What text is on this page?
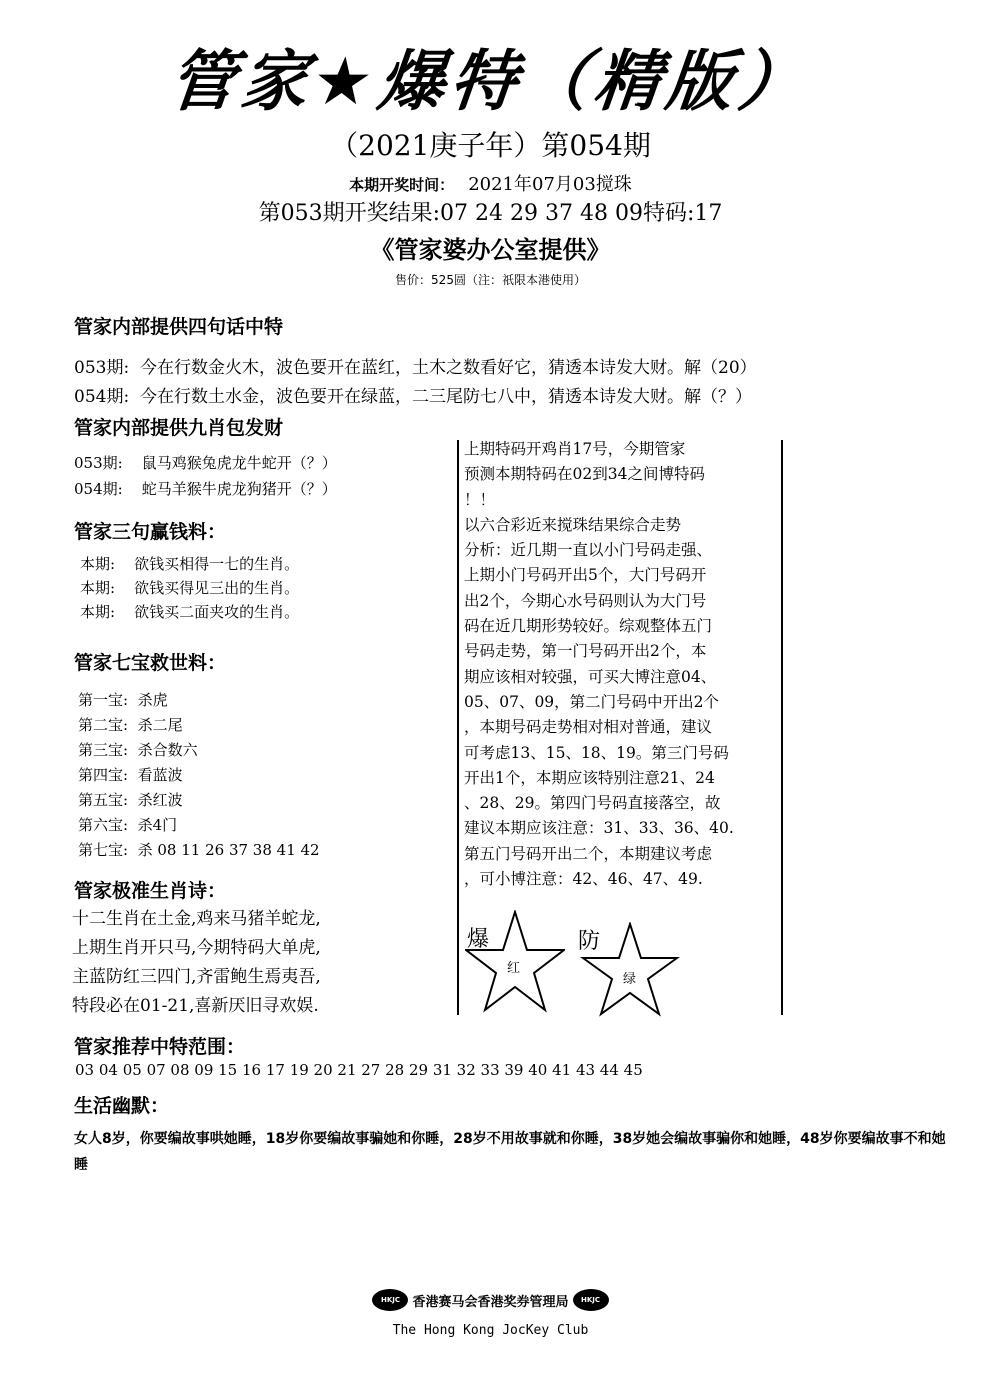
管家★爆特（精版）
（2021庚子年）第054期
本期开奖时间： 2021年07月03搅珠
第053期开奖结果:07 24 29 37 48 09特码:17
《管家婆办公室提供》
售价：525圆（注：祇限本港使用）
管家内部提供四句话中特
053期: 今在行数金火木，波色要开在蓝红，土木之数看好它，猜透本诗发大财。解（20）
054期: 今在行数土水金，波色要开在绿蓝，二三尾防七八中，猜透本诗发大财。解（？）
管家内部提供九肖包发财
053期: 鼠马鸡猴兔虎龙牛蛇开（？）
054期: 蛇马羊猴牛虎龙狗猪开（？）
管家三句赢钱料：
本期: 欲钱买相得一七的生肖。
本期: 欲钱买得见三出的生肖。
本期: 欲钱买二面夹攻的生肖。
管家七宝救世料：
第一宝: 杀虎
第二宝: 杀二尾
第三宝: 杀合数六
第四宝: 看蓝波
第五宝: 杀红波
第六宝: 杀4门
第七宝: 杀 08 11 26 37 38 41 42
管家极准生肖诗：
十二生肖在土金,鸡来马猪羊蛇龙,
上期生肖开只马,今期特码大单虎,
主蓝防红三四门,齐雷鲍生焉夷吾,
特段必在01-21,喜新厌旧寻欢娱.
上期特码开鸡肖17号，今期管家
预测本期特码在02到34之间博特码
！！
以六合彩近来搅珠结果综合走势
分析：近几期一直以小门号码走强、
上期小门号码开出5个，大门号码开
出2个，今期心水号码则认为大门号
码在近几期形势较好。综观整体五门
号码走势，第一门号码开出2个，本
期应该相对较强，可买大博注意04、
05、07、09，第二门号码中开出2个
，本期号码走势相对相对普通，建议
可考虑13、15、18、19。第三门号码
开出1个，本期应该特别注意21、24
、28、29。第四门号码直接落空，故
建议本期应该注意：31、33、36、40.
第五门号码开出二个，本期建议考虑
，可小博注意：42、46、47、49.
爆
红
防
绿
管家推荐中特范围：
03 04 05 07 08 09 15 16 17 19 20 21 27 28 29 31 32 33 39 40 41 43 44 45
生活幽默：
女人8岁，你要编故事哄她睡，18岁你要编故事骗她和你睡，28岁不用故事就和你睡，38岁她会编故事骗你和她睡，48岁你要编故事不和她睡
HKJC 香港赛马会香港奖券管理局	HKJC
The Hong Kong JocKey Club
